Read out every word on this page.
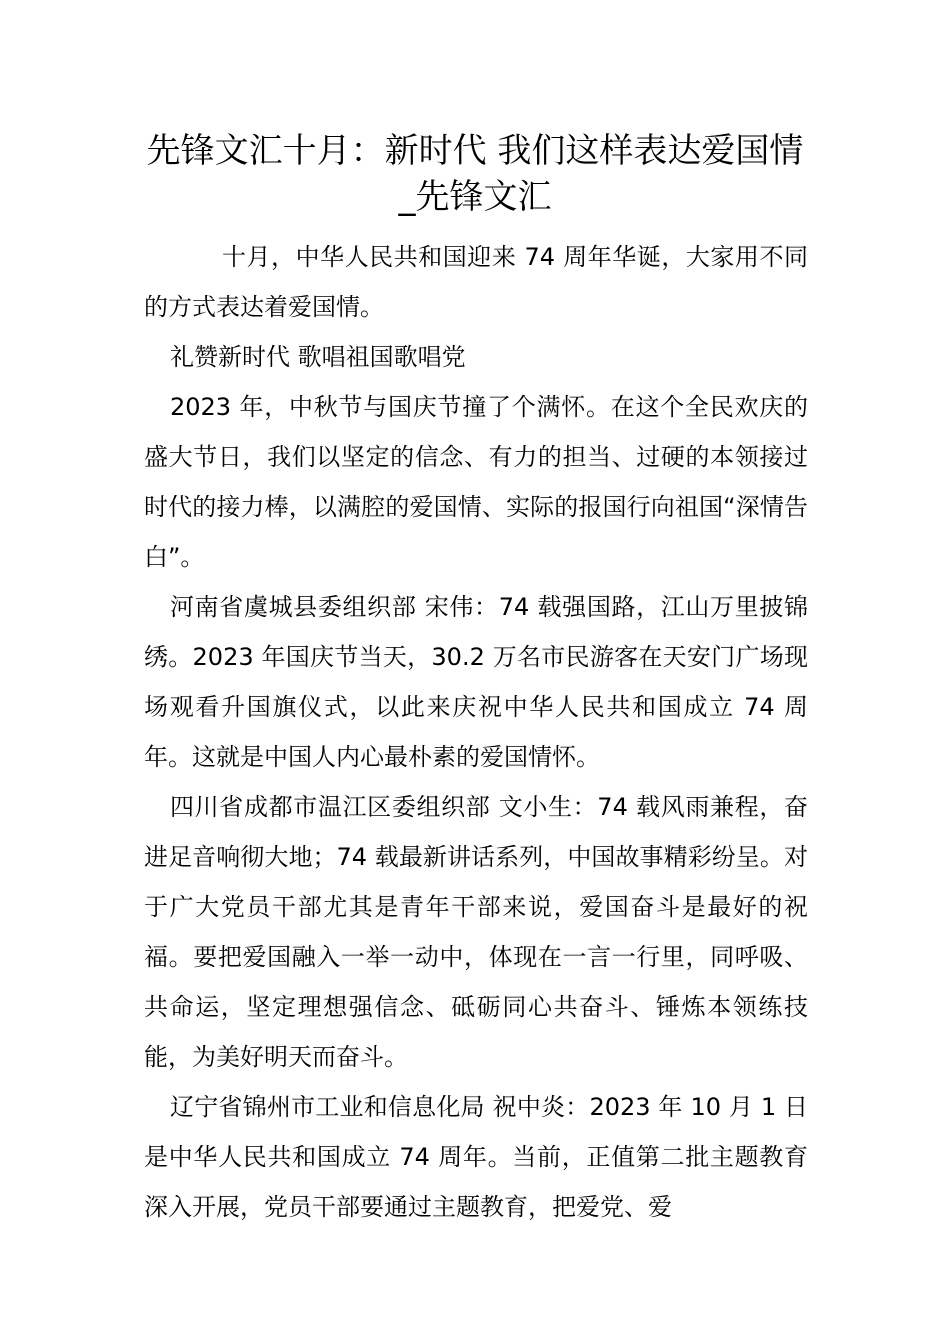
先锋文汇十月：新时代 我们这样表达爱国情_先锋文汇

十月，中华人民共和国迎来 74 周年华诞，大家用不同的方式表达着爱国情。

礼赞新时代 歌唱祖国歌唱党

2023 年，中秋节与国庆节撞了个满怀。在这个全民欢庆的盛大节日，我们以坚定的信念、有力的担当、过硬的本领接过时代的接力棒，以满腔的爱国情、实际的报国行向祖国“深情告白”。

河南省虞城县委组织部 宋伟：74 载强国路，江山万里披锦绣。2023 年国庆节当天，30.2 万名市民游客在天安门广场现场观看升国旗仪式，以此来庆祝中华人民共和国成立 74 周年。这就是中国人内心最朴素的爱国情怀。

四川省成都市温江区委组织部 文小生：74 载风雨兼程，奋进足音响彻大地；74 载最新讲话系列，中国故事精彩纷呈。对于广大党员干部尤其是青年干部来说，爱国奋斗是最好的祝福。要把爱国融入一举一动中，体现在一言一行里，同呼吸、共命运，坚定理想强信念、砥砺同心共奋斗、锤炼本领练技能，为美好明天而奋斗。

辽宁省锦州市工业和信息化局 祝中炎：2023 年 10 月 1 日是中华人民共和国成立 74 周年。当前，正值第二批主题教育深入开展，党员干部要通过主题教育，把爱党、爱
